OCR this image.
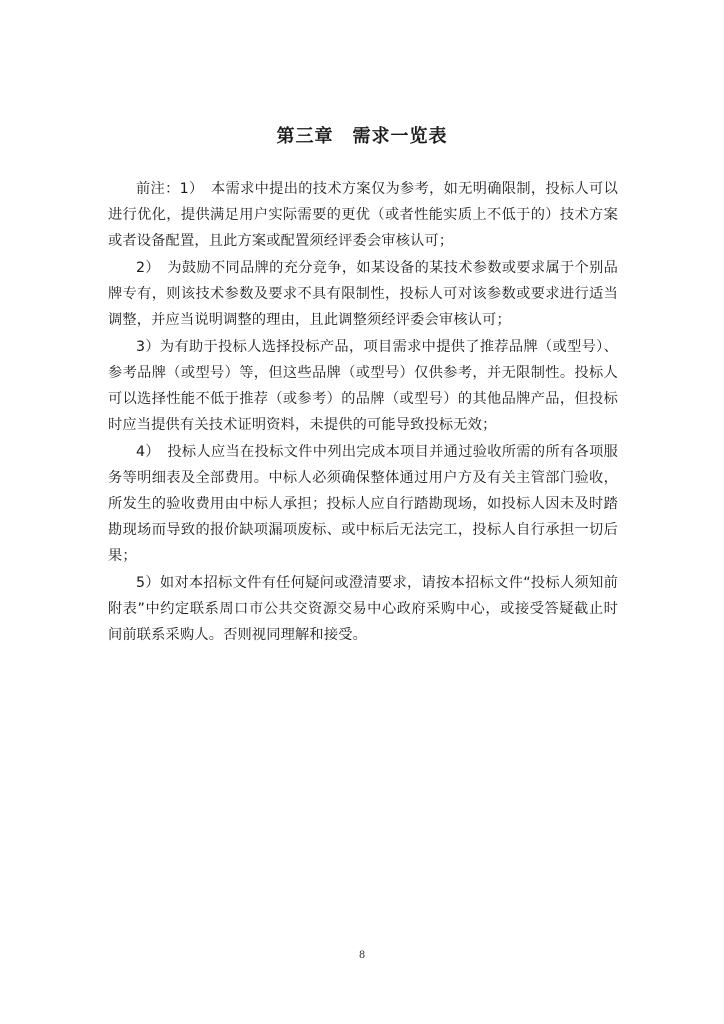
第三章　需求一览表

前注：1）　本需求中提出的技术方案仅为参考，如无明确限制，投标人可以进行优化，提供满足用户实际需要的更优（或者性能实质上不低于的）技术方案或者设备配置，且此方案或配置须经评委会审核认可；

2）　为鼓励不同品牌的充分竞争，如某设备的某技术参数或要求属于个别品牌专有，则该技术参数及要求不具有限制性，投标人可对该参数或要求进行适当调整，并应当说明调整的理由，且此调整须经评委会审核认可；

3）为有助于投标人选择投标产品，项目需求中提供了推荐品牌（或型号）、参考品牌（或型号）等，但这些品牌（或型号）仅供参考，并无限制性。投标人可以选择性能不低于推荐（或参考）的品牌（或型号）的其他品牌产品，但投标时应当提供有关技术证明资料，未提供的可能导致投标无效；

4）　投标人应当在投标文件中列出完成本项目并通过验收所需的所有各项服务等明细表及全部费用。中标人必须确保整体通过用户方及有关主管部门验收，所发生的验收费用由中标人承担；投标人应自行踏勘现场，如投标人因未及时踏勘现场而导致的报价缺项漏项废标、或中标后无法完工，投标人自行承担一切后果；

5）如对本招标文件有任何疑问或澄清要求，请按本招标文件“投标人须知前附表”中约定联系周口市公共交资源交易中心政府采购中心，或接受答疑截止时间前联系采购人。否则视同理解和接受。

8
